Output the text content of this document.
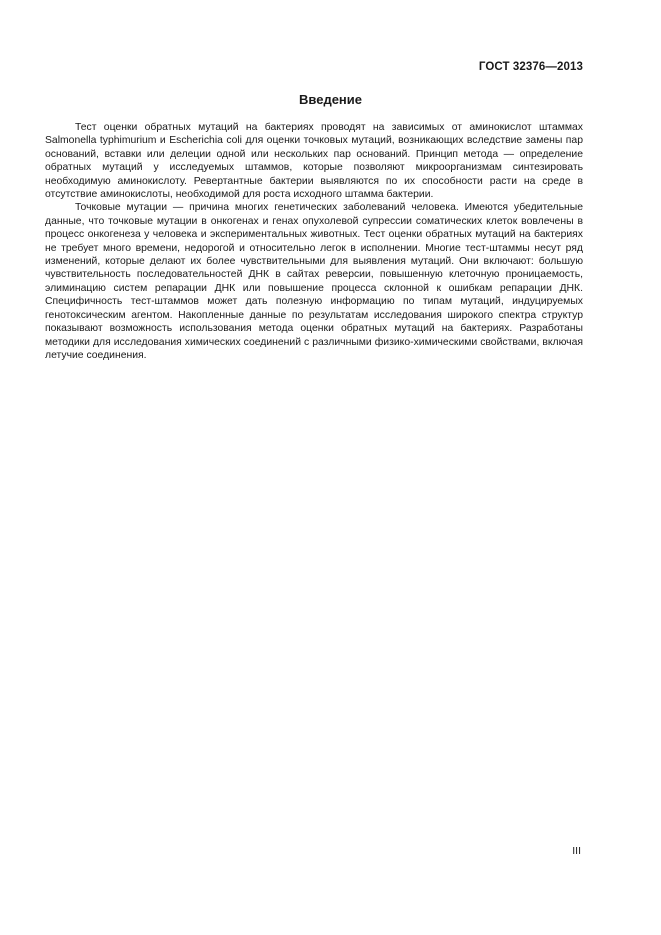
ГОСТ 32376—2013
Введение

Тест оценки обратных мутаций на бактериях проводят на зависимых от аминокислот штаммах Salmonella typhimurium и Escherichia coli для оценки точковых мутаций, возникающих вследствие замены пар оснований, вставки или делеции одной или нескольких пар оснований. Принцип метода — определение обратных мутаций у исследуемых штаммов, которые позволяют микроорганизмам синтезировать необходимую аминокислоту. Ревертантные бактерии выявляются по их способности расти на среде в отсутствие аминокислоты, необходимой для роста исходного штамма бактерии.

Точковые мутации — причина многих генетических заболеваний человека. Имеются убедительные данные, что точковые мутации в онкогенах и генах опухолевой супрессии соматических клеток вовлечены в процесс онкогенеза у человека и экспериментальных животных. Тест оценки обратных мутаций на бактериях не требует много времени, недорогой и относительно легок в исполнении. Многие тест-штаммы несут ряд изменений, которые делают их более чувствительными для выявления мутаций. Они включают: большую чувствительность последовательностей ДНК в сайтах реверсии, повышенную клеточную проницаемость, элиминацию систем репарации ДНК или повышение процесса склонной к ошибкам репарации ДНК. Специфичность тест-штаммов может дать полезную информацию по типам мутаций, индуцируемых генотоксическим агентом. Накопленные данные по результатам исследования широкого спектра структур показывают возможность использования метода оценки обратных мутаций на бактериях. Разработаны методики для исследования химических соединений с различными физико-химическими свойствами, включая летучие соединения.

III
